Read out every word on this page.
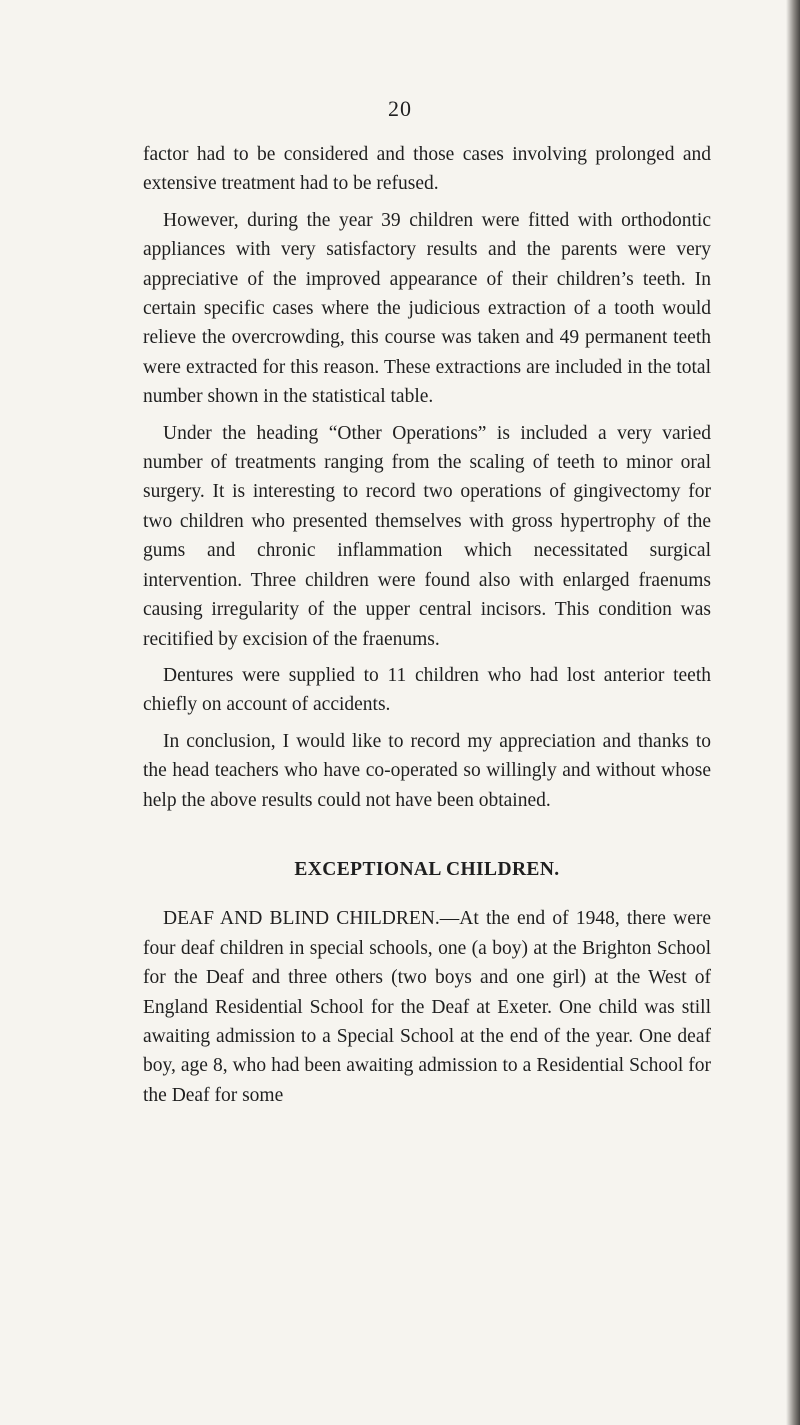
20

factor had to be considered and those cases involving prolonged and extensive treatment had to be refused.

However, during the year 39 children were fitted with orthodontic appliances with very satisfactory results and the parents were very appreciative of the improved appearance of their children’s teeth. In certain specific cases where the judicious extraction of a tooth would relieve the overcrowding, this course was taken and 49 permanent teeth were extracted for this reason. These extractions are included in the total number shown in the statistical table.

Under the heading “Other Operations” is included a very varied number of treatments ranging from the scaling of teeth to minor oral surgery. It is interesting to record two operations of gingivectomy for two children who presented themselves with gross hypertrophy of the gums and chronic inflammation which necessitated surgical intervention. Three children were found also with enlarged fraenums causing irregularity of the upper central incisors. This condition was recitified by excision of the fraenums.

Dentures were supplied to 11 children who had lost anterior teeth chiefly on account of accidents.

In conclusion, I would like to record my appreciation and thanks to the head teachers who have co-operated so willingly and without whose help the above results could not have been obtained.

EXCEPTIONAL CHILDREN.

DEAF AND BLIND CHILDREN.—At the end of 1948, there were four deaf children in special schools, one (a boy) at the Brighton School for the Deaf and three others (two boys and one girl) at the West of England Residential School for the Deaf at Exeter. One child was still awaiting admission to a Special School at the end of the year. One deaf boy, age 8, who had been awaiting admission to a Residential School for the Deaf for some
